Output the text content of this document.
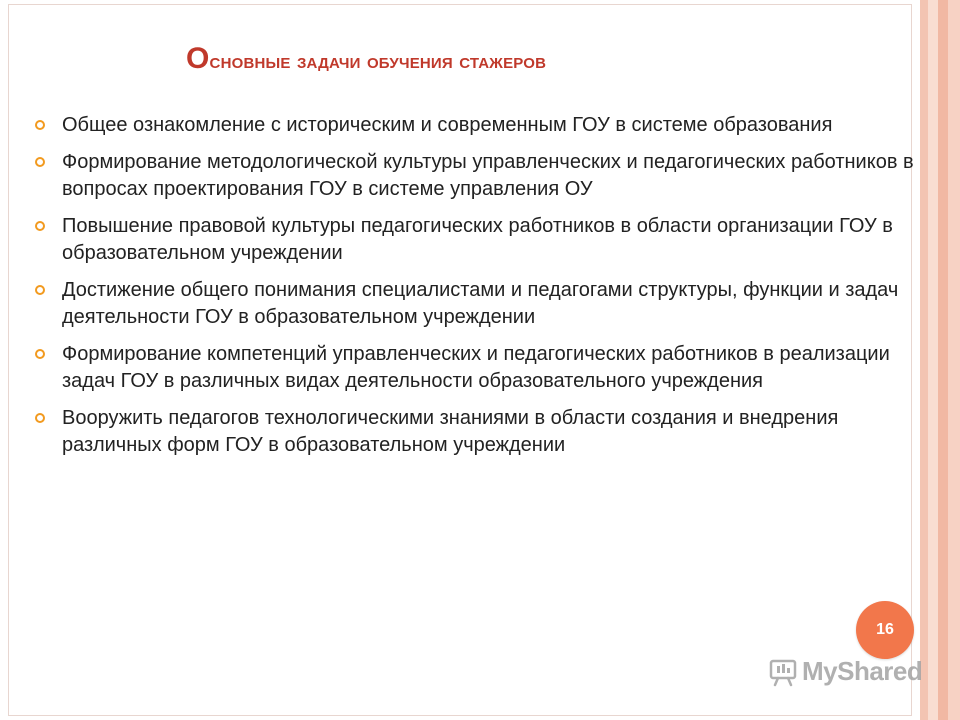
Основные задачи обучения стажеров
Общее ознакомление с историческим и современным ГОУ в системе образования
Формирование методологической культуры управленческих и педагогических работников в вопросах проектирования ГОУ в системе управления ОУ
Повышение правовой культуры педагогических работников в области организации ГОУ в образовательном учреждении
Достижение общего понимания специалистами и педагогами структуры, функции и задач деятельности ГОУ в образовательном учреждении
Формирование компетенций управленческих и педагогических работников в реализации задач ГОУ в различных видах деятельности образовательного учреждения
Вооружить педагогов технологическими знаниями в области создания и внедрения различных форм ГОУ в образовательном учреждении
16
MyShared
